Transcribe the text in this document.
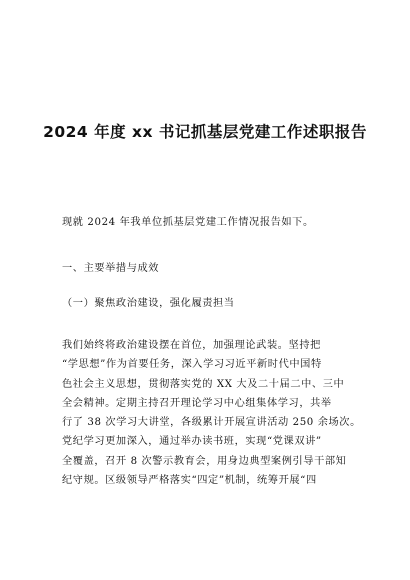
2024 年度 xx 书记抓基层党建工作述职报告

现就 2024 年我单位抓基层党建工作情况报告如下。

一、主要举措与成效

（一）聚焦政治建设，强化履责担当

我们始终将政治建设摆在首位，加强理论武装。坚持把
“学思想”作为首要任务，深入学习习近平新时代中国特
色社会主义思想，贯彻落实党的 XX 大及二十届二中、三中
全会精神。定期主持召开理论学习中心组集体学习，共举
行了 38 次学习大讲堂，各级累计开展宣讲活动 250 余场次。
党纪学习更加深入，通过举办读书班，实现“党课双讲”
全覆盖，召开 8 次警示教育会，用身边典型案例引导干部知
纪守规。区级领导严格落实“四定”机制，统筹开展“四
